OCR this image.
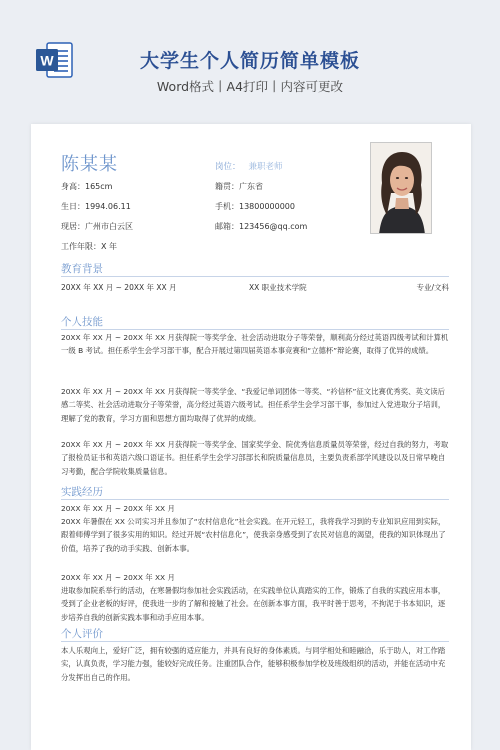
W	大学生个人简历简单模板
Word格式丨A4打印丨内容可更改
陈某某	岗位： 兼职老师
身高：165cm	籍贯：广东省
生日：1994.06.11	手机：13800000000
现居：广州市白云区	邮箱：123456@qq.com
工作年限：X 年
教育背景
20XX 年 XX 月 ~ 20XX 年 XX 月	XX 职业技术学院	专业/文科
个人技能
20XX 年 XX 月 ~ 20XX 年 XX 月获得院一等奖学金、社会活动进取分子等荣誉，顺利高分经过英语四级考试和计算机一级 B 考试。担任系学生会学习部干事，配合开展过第四届英语本事竞赛和“立德杯”辩论赛，取得了优异的成绩。
20XX 年 XX 月 ~ 20XX 年 XX 月获得院一等奖学金、“我爱记单词团体一等奖、“衿信杯”征文比赛优秀奖、英文读后感二等奖、社会活动进取分子等荣誉，高分经过英语六级考试。担任系学生会学习部干事，参加过入党进取分子培训，理解了党的教育，学习方面和思想方面均取得了优异的成绩。
20XX 年 XX 月 ~ 20XX 年 XX 月获得院一等奖学金、国家奖学金、院优秀信息质量员等荣誉，经过自我的努力，考取了报检员证书和英语六级口语证书。担任系学生会学习部部长和院质量信息员，主要负责系部学风建设以及日常早晚自习考勤，配合学院收集质量信息。
实践经历
20XX 年 XX 月 ~ 20XX 年 XX 月
20XX 年暑假在 XX 公司实习并且参加了“农村信息化”社会实践。在开元轻工，我将我学习到的专业知识应用到实际，跟着师傅学到了很多实用的知识。经过开展“农村信息化”，使我亲身感受到了农民对信息的渴望，使我的知识体现出了价值，培养了我的动手实践、创新本事。
20XX 年 XX 月 ~ 20XX 年 XX 月
进取参加院系举行的活动，在寒暑假均参加社会实践活动，在实践单位认真踏实的工作，锻炼了自我的实践应用本事，受到了企业老板的好评，使我进一步的了解和接触了社会。在创新本事方面，我平时善于思考，不拘泥于书本知识，逐步培养自我的创新实践本事和动手应用本事。
个人评价
本人乐观向上，爱好广泛，拥有较强的适应能力，并具有良好的身体素质。与同学相处和睦融洽，乐于助人，对工作踏实，认真负责，学习能力强，能较好完成任务。注重团队合作，能够积极参加学校及班级组织的活动，并能在活动中充分发挥出自己的作用。
